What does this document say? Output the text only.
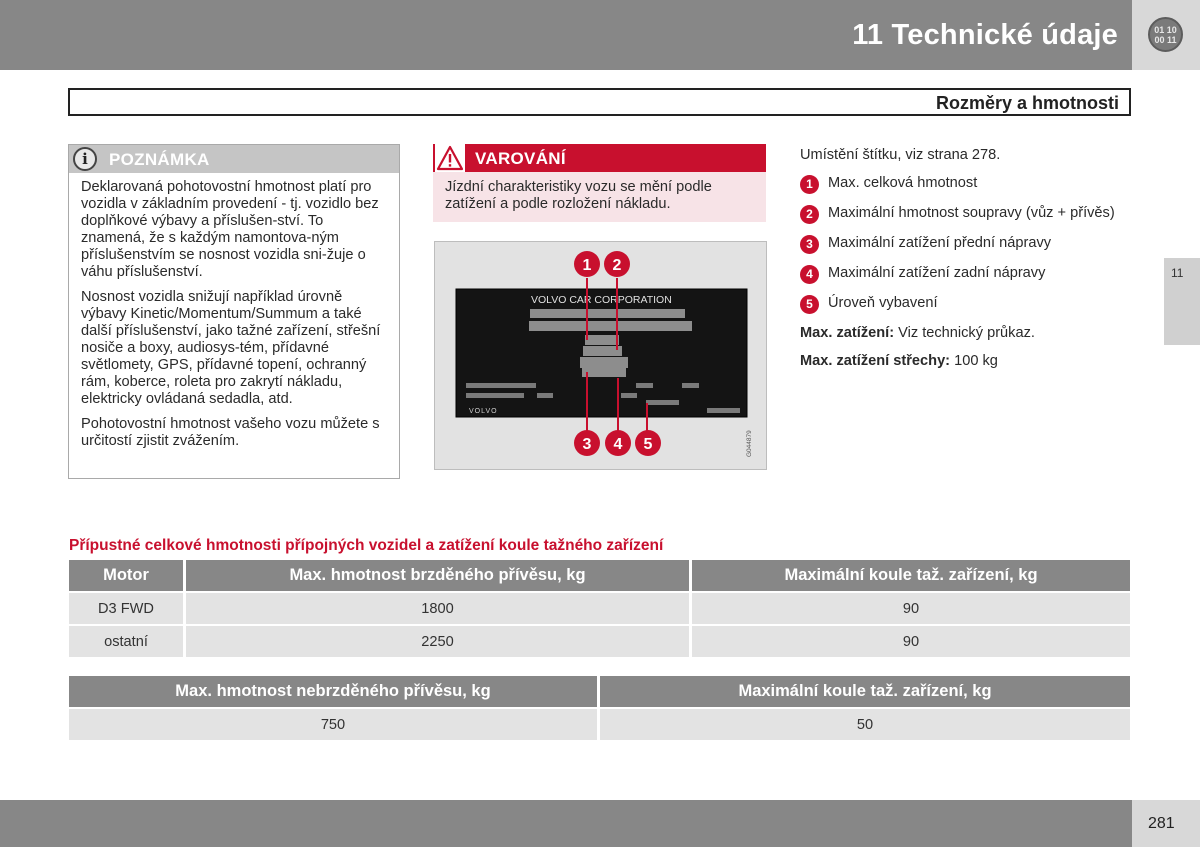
11 Technické údaje	01 10
00 11
Rozměry a hmotnosti
i	POZNÁMKA

Deklarovaná pohotovostní hmotnost platí pro vozidla v základním provedení - tj. vozidlo bez doplňkové výbavy a příslušen-ství. To znamená, že s každým namontova-ným příslušenstvím se nosnost vozidla sni-žuje o váhu příslušenství.

Nosnost vozidla snižují například úrovně výbavy Kinetic/Momentum/Summum a také další příslušenství, jako tažné zařízení, střešní nosiče a boxy, audiosys-tém, přídavné světlomety, GPS, přídavné topení, ochranný rám, koberce, roleta pro zakrytí nákladu, elektricky ovládaná sedadla, atd.

Pohotovostní hmotnost vašeho vozu můžete s určitostí zjistit zvážením.

VAROVÁNÍ
Jízdní charakteristiky vozu se mění podle zatížení a podle rozložení nákladu.
VOLVO CAR CORPORATION
VOLVO
1 2
3 4 5	G044879
Umístění štítku, viz strana 278.
1	Max. celková hmotnost
2	Maximální hmotnost soupravy (vůz + přívěs)
3	Maximální zatížení přední nápravy
4	Maximální zatížení zadní nápravy
5	Úroveň vybavení
Max. zatížení: Viz technický průkaz.
Max. zatížení střechy: 100 kg
11
Přípustné celkové hmotnosti přípojných vozidel a zatížení koule tažného zařízení
Motor	Max. hmotnost brzděného přívěsu, kg	Maximální koule taž. zařízení, kg
D3 FWD	1800	90
ostatní	2250	90
Max. hmotnost nebrzděného přívěsu, kg	Maximální koule taž. zařízení, kg
750	50
281
